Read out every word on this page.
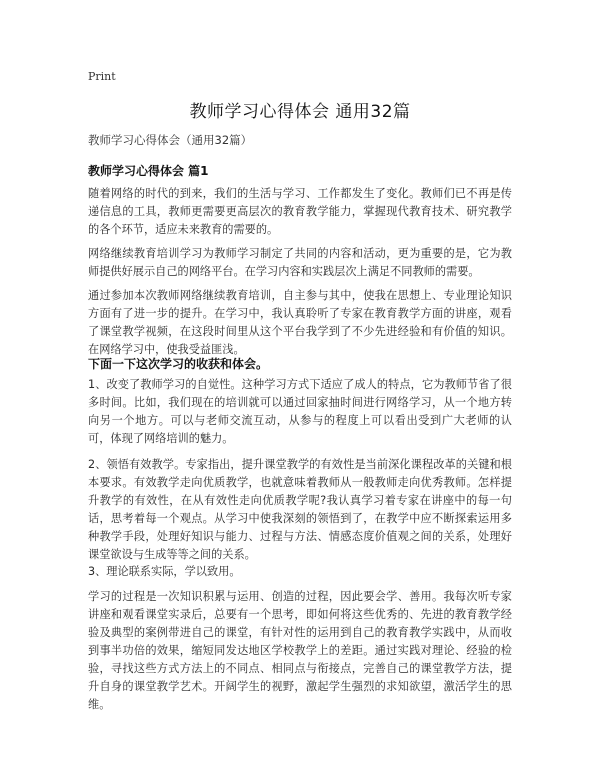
Print
教师学习心得体会 通用32篇
教师学习心得体会（通用32篇）
教师学习心得体会 篇1

随着网络的时代的到来，我们的生活与学习、工作都发生了变化。教师们已不再是传递信息的工具，教师更需要更高层次的教育教学能力，掌握现代教育技术、研究教学的各个环节，适应未来教育的需要的。

网络继续教育培训学习为教师学习制定了共同的内容和活动，更为重要的是，它为教师提供好展示自己的网络平台。在学习内容和实践层次上满足不同教师的需要。

通过参加本次教师网络继续教育培训，自主参与其中，使我在思想上、专业理论知识方面有了进一步的提升。在学习中，我认真聆听了专家在教育教学方面的讲座，观看了课堂教学视频，在这段时间里从这个平台我学到了不少先进经验和有价值的知识。在网络学习中，使我受益匪浅。

下面一下这次学习的收获和体会。

1、改变了教师学习的自觉性。这种学习方式下适应了成人的特点，它为教师节省了很多时间。比如，我们现在的培训就可以通过回家抽时间进行网络学习，从一个地方转向另一个地方。可以与老师交流互动，从参与的程度上可以看出受到广大老师的认可，体现了网络培训的魅力。

2、领悟有效教学。专家指出，提升课堂教学的有效性是当前深化课程改革的关键和根本要求。有效教学走向优质教学，也就意味着教师从一般教师走向优秀教师。怎样提升教学的有效性，在从有效性走向优质教学呢?我认真学习着专家在讲座中的每一句话，思考着每一个观点。从学习中使我深刻的领悟到了，在教学中应不断探索运用多种教学手段，处理好知识与能力、过程与方法、情感态度价值观之间的关系，处理好课堂欲设与生成等等之间的关系。

3、理论联系实际，学以致用。

学习的过程是一次知识积累与运用、创造的过程，因此要会学、善用。我每次听专家讲座和观看课堂实录后，总要有一个思考，即如何将这些优秀的、先进的教育教学经验及典型的案例带进自己的课堂，有针对性的运用到自己的教育教学实践中，从而收到事半功倍的效果，缩短同发达地区学校教学上的差距。通过实践对理论、经验的检验，寻找这些方式方法上的不同点、相同点与衔接点，完善自己的课堂教学方法，提升自身的课堂教学艺术。开阔学生的视野，激起学生强烈的求知欲望，激活学生的思维。
